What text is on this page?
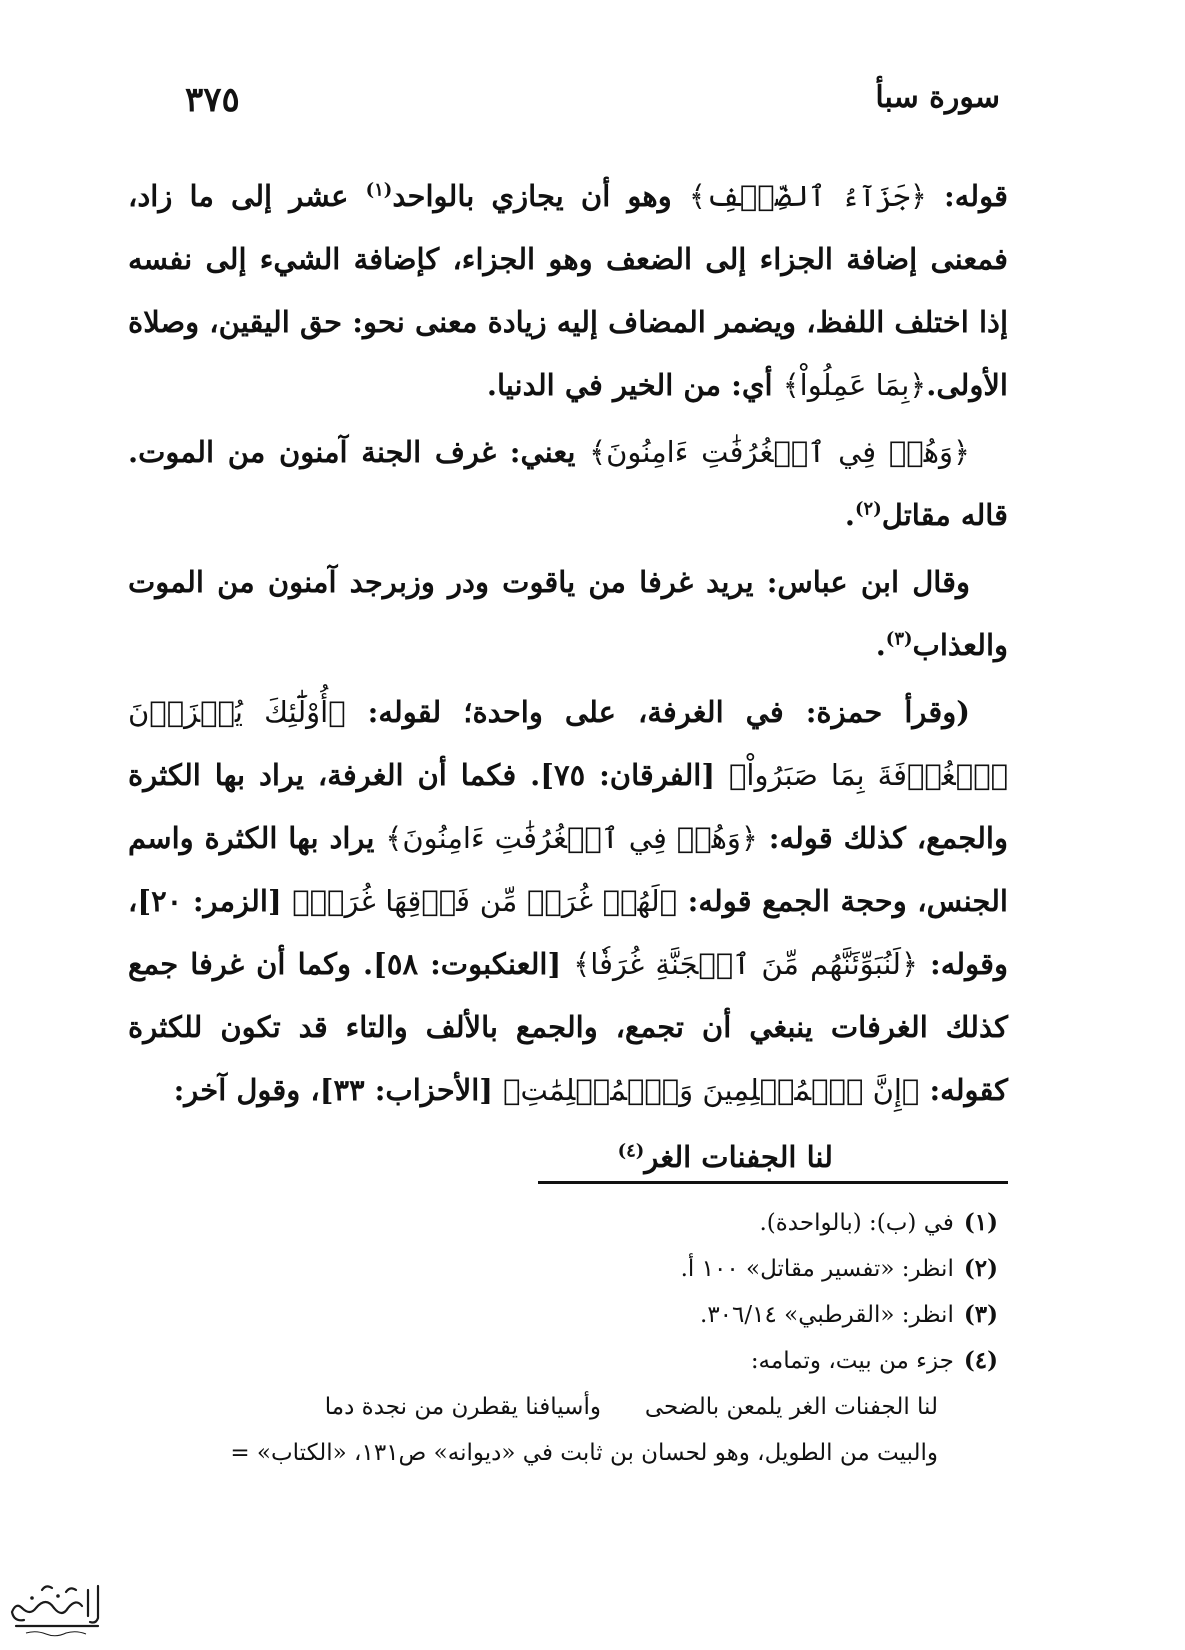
سورة سبأ
٣٧٥

قوله: ﴿جَزَآءُ ٱلضِّعۡفِ﴾ وهو أن يجازي بالواحد$^{(١)}$ عشر إلى ما زاد، فمعنى إضافة الجزاء إلى الضعف وهو الجزاء، كإضافة الشيء إلى نفسه إذا اختلف اللفظ، ويضمر المضاف إليه زيادة معنى نحو: حق اليقين، وصلاة الأولى.﴿بِمَا عَمِلُواْ﴾ أي: من الخير في الدنيا.

﴿وَهُمۡ فِي ٱلۡغُرُفَٰتِ ءَامِنُونَ﴾ يعني: غرف الجنة آمنون من الموت. قاله مقاتل$^{(٢)}$.

وقال ابن عباس: يريد غرفا من ياقوت ودر وزبرجد آمنون من الموت والعذاب$^{(٣)}$.

(وقرأ حمزة: في الغرفة، على واحدة؛ لقوله: ﴿أُوْلَٰٓئِكَ يُجۡزَوۡنَ ٱلۡغُرۡفَةَ بِمَا صَبَرُواْ﴾ [الفرقان: ٧٥]. فكما أن الغرفة، يراد بها الكثرة والجمع، كذلك قوله: ﴿وَهُمۡ فِي ٱلۡغُرُفَٰتِ ءَامِنُونَ﴾ يراد بها الكثرة واسم الجنس، وحجة الجمع قوله: ﴿لَهُمۡ غُرَفٞ مِّن فَوۡقِهَا غُرَفٞ﴾ [الزمر: ٢٠]، وقوله: ﴿لَنُبَوِّئَنَّهُم مِّنَ ٱلۡجَنَّةِ غُرَفٗا﴾ [العنكبوت: ٥٨]. وكما أن غرفا جمع كذلك الغرفات ينبغي أن تجمع، والجمع بالألف والتاء قد تكون للكثرة كقوله: ﴿إِنَّ ٱلۡمُسۡلِمِينَ وَٱلۡمُسۡلِمَٰتِ﴾ [الأحزاب: ٣٣]، وقول آخر:

لنا الجفنات الغر$^{(٤)}$

(١)في (ب): (بالواحدة).

(٢)انظر: «تفسير مقاتل» ١٠٠ أ.

(٣)انظر: «القرطبي» ٣٠٦/١٤.

(٤)جزء من بيت، وتمامه:

لنا الجفنات الغر يلمعن بالضحى      وأسيافنا يقطرن من نجدة دما

والبيت من الطويل، وهو لحسان بن ثابت في «ديوانه» ص١٣١، «الكتاب» =
